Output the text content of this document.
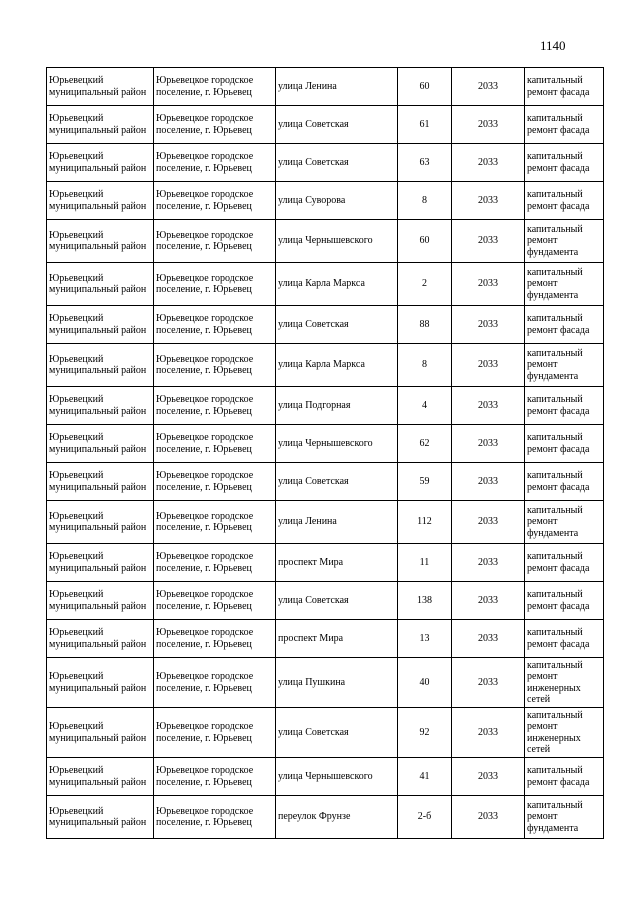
1140
Юрьевецкий муниципальный район	Юрьевецкое городское поселение, г. Юрьевец	улица Ленина	60	2033	капитальный ремонт фасада
Юрьевецкий муниципальный район	Юрьевецкое городское поселение, г. Юрьевец	улица Советская	61	2033	капитальный ремонт фасада
Юрьевецкий муниципальный район	Юрьевецкое городское поселение, г. Юрьевец	улица Советская	63	2033	капитальный ремонт фасада
Юрьевецкий муниципальный район	Юрьевецкое городское поселение, г. Юрьевец	улица Суворова	8	2033	капитальный ремонт фасада
Юрьевецкий муниципальный район	Юрьевецкое городское поселение, г. Юрьевец	улица Чернышевского	60	2033	капитальный ремонт фундамента
Юрьевецкий муниципальный район	Юрьевецкое городское поселение, г. Юрьевец	улица Карла Маркса	2	2033	капитальный ремонт фундамента
Юрьевецкий муниципальный район	Юрьевецкое городское поселение, г. Юрьевец	улица Советская	88	2033	капитальный ремонт фасада
Юрьевецкий муниципальный район	Юрьевецкое городское поселение, г. Юрьевец	улица Карла Маркса	8	2033	капитальный ремонт фундамента
Юрьевецкий муниципальный район	Юрьевецкое городское поселение, г. Юрьевец	улица Подгорная	4	2033	капитальный ремонт фасада
Юрьевецкий муниципальный район	Юрьевецкое городское поселение, г. Юрьевец	улица Чернышевского	62	2033	капитальный ремонт фасада
Юрьевецкий муниципальный район	Юрьевецкое городское поселение, г. Юрьевец	улица Советская	59	2033	капитальный ремонт фасада
Юрьевецкий муниципальный район	Юрьевецкое городское поселение, г. Юрьевец	улица Ленина	112	2033	капитальный ремонт фундамента
Юрьевецкий муниципальный район	Юрьевецкое городское поселение, г. Юрьевец	проспект Мира	11	2033	капитальный ремонт фасада
Юрьевецкий муниципальный район	Юрьевецкое городское поселение, г. Юрьевец	улица Советская	138	2033	капитальный ремонт фасада
Юрьевецкий муниципальный район	Юрьевецкое городское поселение, г. Юрьевец	проспект Мира	13	2033	капитальный ремонт фасада
Юрьевецкий муниципальный район	Юрьевецкое городское поселение, г. Юрьевец	улица Пушкина	40	2033	капитальный ремонт инженерных сетей
Юрьевецкий муниципальный район	Юрьевецкое городское поселение, г. Юрьевец	улица Советская	92	2033	капитальный ремонт инженерных сетей
Юрьевецкий муниципальный район	Юрьевецкое городское поселение, г. Юрьевец	улица Чернышевского	41	2033	капитальный ремонт фасада
Юрьевецкий муниципальный район	Юрьевецкое городское поселение, г. Юрьевец	переулок Фрунзе	2-б	2033	капитальный ремонт фундамента
